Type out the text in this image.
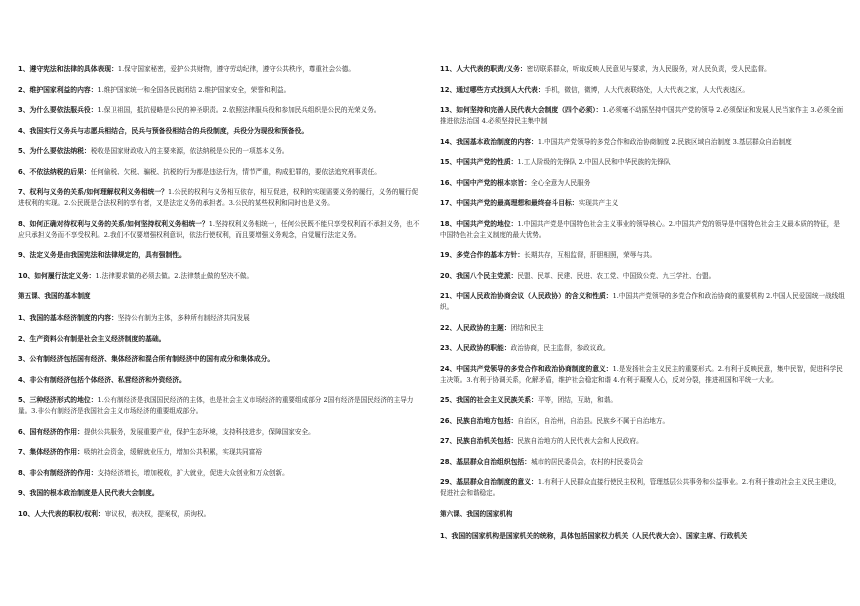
1、遵守宪法和法律的具体表现：1.保守国家秘密，爱护公共财物，遵守劳动纪律，遵守公共秩序，尊重社会公德。
2、维护国家利益的内容：1.维护国家统一和全国各民族团结 2.维护国家安全，荣誉和利益。
3、为什么要依法服兵役：1.保卫祖国，抵抗侵略是公民的神圣职责。2.依照法律服兵役和参加民兵组织是公民的光荣义务。
4、我国实行义务兵与志愿兵相结合，民兵与预备役相结合的兵役制度，兵役分为现役和预备役。
5、为什么要依法纳税：税收是国家财政收入的主要来源，依法纳税是公民的一项基本义务。
6、不依法纳税的后果：任何偷税、欠税、骗税、抗税的行为都是违法行为，情节严重，构成犯罪的，要依法追究刑事责任。
7、权利与义务的关系/如何理解权利义务相统一？1.公民的权利与义务相互依存，相互促进，权利的实现需要义务的履行，义务的履行促进权利的实现。2.公民既是合法权利的享有者，又是法定义务的承担者。3.公民的某些权利和同时也是义务。
8、如何正确对待权利与义务的关系/如何坚持权利义务相统一？1.坚持权利义务相统一，任何公民既不能只享受权利而不承担义务，也不应只承担义务而不享受权利。2.我们不仅要增强权利意识，依法行使权利，而且要增强义务观念，自觉履行法定义务。
9、法定义务是由我国宪法和法律规定的，具有强制性。
10、如何履行法定义务：1.法律要求做的必须去做。2.法律禁止做的坚决不做。
第五课、我国的基本制度
1、我国的基本经济制度的内容：坚持公有制为主体，多种所有制经济共同发展
2、生产资料公有制是社会主义经济制度的基础。
3、公有制经济包括国有经济、集体经济和混合所有制经济中的国有成分和集体成分。
4、非公有制经济包括个体经济、私营经济和外资经济。
5、三种经济形式的地位：1.公有制经济是我国国民经济的主体，也是社会主义市场经济的重要组成部分 2国有经济是国民经济的主导力量。3.非公有制经济是我国社会主义市场经济的重要组成部分。
6、国有经济的作用：提供公共服务，发展重要产业，保护生态环境，支持科技进步，保障国家安全。
7、集体经济的作用：吸纳社会资金，缓解就业压力，增加公共积累，实现共同富裕
8、非公有制经济的作用：支持经济增长，增加税收，扩大就业，促进大众创业和万众创新。
9、我国的根本政治制度是人民代表大会制度。
10、人大代表的职权/权利：审议权，表决权，提案权，质询权。
11、人大代表的职责/义务：密切联系群众，听取反映人民意见与要求，为人民服务，对人民负责，受人民监督。
12、通过哪些方式找到人大代表：手机，微信，微博，人大代表联络处，人大代表之家，人大代表选区。
13、如何坚持和完善人民代表大会制度（四个必须）：1.必须毫不动摇坚持中国共产党的领导 2.必须保证和发展人民当家作主 3.必须全面推进依法治国 4.必须坚持民主集中制
14、我国基本政治制度的内容：1.中国共产党领导的多党合作和政治协商制度 2.民族区域自治制度 3.基层群众自治制度
15、中国共产党的性质：1.工人阶级的先锋队 2.中国人民和中华民族的先锋队
16、中国中产党的根本宗旨：全心全意为人民服务
17、中国共产党的最高理想和最终奋斗目标：实现共产主义
18、中国共产党的地位：1.中国共产党是中国特色社会主义事业的领导核心。2.中国共产党的领导是中国特色社会主义最本质的特征，是中国特色社会主义制度的最大优势。
19、多党合作的基本方针：长期共存，互相监督，肝胆相照，荣辱与共。
20、我国八个民主党派：民盟、民革、民建、民进、农工党、中国致公党、九三学社、台盟。
21、中国人民政治协商会议（人民政协）的含义和性质：1.中国共产党领导的多党合作和政治协商的重要机构 2.中国人民爱国统一战线组织。
22、人民政协的主题：团结和民主
23、人民政协的职能：政治协商，民主监督，参政议政。
24、中国共产党领导的多党合作和政治协商制度的意义：1.是发扬社会主义民主的重要形式。2.有利于反映民意，集中民智，促进科学民主决策。3.有利于协调关系，化解矛盾，维护社会稳定和谐 4.有利于凝聚人心，反对分裂，推进祖国和平统一大业。
25、我国的社会主义民族关系：平等，团结，互助，和谐。
26、民族自治地方包括：自治区，自治州，自治县。民族乡不属于自治地方。
27、民族自治机关包括：民族自治地方的人民代表大会和人民政府。
28、基层群众自治组织包括：城市的居民委员会，农村的村民委员会
29、基层群众自治制度的意义：1.有利于人民群众直接行使民主权利，管理基层公共事务和公益事业。2.有利于推动社会主义民主建设，促进社会和谐稳定。
第六课、我国的国家机构
1、我国的国家机构是国家机关的统称，具体包括国家权力机关（人民代表大会）、国家主席、行政机关
